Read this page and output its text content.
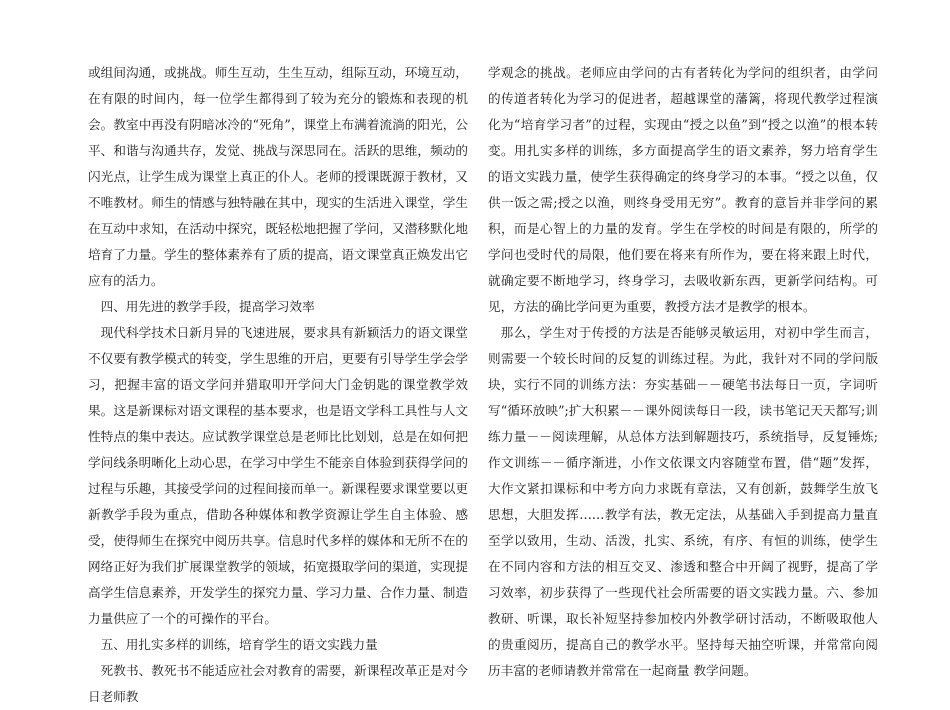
或组间沟通，或挑战。师生互动，生生互动，组际互动，环境互动，在有限的时间内，每一位学生都得到了较为充分的锻炼和表现的机会。教室中再没有阴暗冰冷的“死角”，课堂上布满着流淌的阳光，公平、和谐与沟通共存，发觉、挑战与深思同在。活跃的思维，频动的闪光点，让学生成为课堂上真正的仆人。老师的授课既源于教材，又不唯教材。师生的情感与独特融在其中，现实的生活进入课堂，学生在互动中求知，在活动中探究，既轻松地把握了学问，又潜移默化地培育了力量。学生的整体素养有了质的提高，语文课堂真正焕发出它应有的活力。

四、用先进的教学手段，提高学习效率

现代科学技术日新月异的飞速进展，要求具有新颖活力的语文课堂不仅要有教学模式的转变，学生思维的开启，更要有引导学生学会学习，把握丰富的语文学问并猎取叩开学问大门金钥匙的课堂教学效果。这是新课标对语文课程的基本要求，也是语文学科工具性与人文性特点的集中表达。应试教学课堂总是老师比比划划，总是在如何把学问线条明晰化上动心思，在学习中学生不能亲自体验到获得学问的过程与乐趣，其接受学问的过程间接而单一。新课程要求课堂要以更新教学手段为重点，借助各种媒体和教学资源让学生自主体验、感受，使得师生在探究中阅历共享。信息时代多样的媒体和无所不在的网络正好为我们扩展课堂教学的领域，拓宽摄取学问的渠道，实现提高学生信息素养，开发学生的探究力量、学习力量、合作力量、制造力量供应了一个的可操作的平台。

五、用扎实多样的训练，培育学生的语文实践力量

死教书、教死书不能适应社会对教育的需要，新课程改革正是对今日老师教

学观念的挑战。老师应由学问的古有者转化为学问的组织者，由学问的传道者转化为学习的促进者，超越课堂的藩篱，将现代教学过程演化为“培育学习者”的过程，实现由“授之以鱼”到“授之以渔”的根本转变。用扎实多样的训练，多方面提高学生的语文素养，努力培育学生的语文实践力量，使学生获得确定的终身学习的本事。“授之以鱼，仅供一饭之需;授之以渔，则终身受用无穷”。教育的意旨并非学问的累积，而是心智上的力量的发育。学生在学校的时间是有限的，所学的学问也受时代的局限，他们要在将来有所作为，要在将来跟上时代，就确定要不断地学习，终身学习，去吸收新东西，更新学问结构。可见，方法的确比学问更为重要，教授方法才是教学的根本。

那么，学生对于传授的方法是否能够灵敏运用，对初中学生而言，则需要一个较长时间的反复的训练过程。为此，我针对不同的学问版块，实行不同的训练方法：夯实基础－－硬笔书法每日一页，字词听写“循环放映”;扩大积累－－课外阅读每日一段，读书笔记天天都写;训练力量－－阅读理解，从总体方法到解题技巧，系统指导，反复锤炼;作文训练－－循序渐进，小作文依课文内容随堂布置，借“题”发挥，大作文紧扣课标和中考方向力求既有章法，又有创新，鼓舞学生放飞思想，大胆发挥……教学有法，教无定法，从基础入手到提高力量直至学以致用，生动、活泼，扎实、系统，有序、有恒的训练，使学生在不同内容和方法的相互交叉、渗透和整合中开阔了视野，提高了学习效率，初步获得了一些现代社会所需要的语文实践力量。六、参加教研、听课，取长补短坚持参加校内外教学研讨活动，不断吸取他人的贵重阅历，提高自己的教学水平。坚持每天抽空听课，并常常向阅历丰富的老师请教并常常在一起商量 教学问题。
